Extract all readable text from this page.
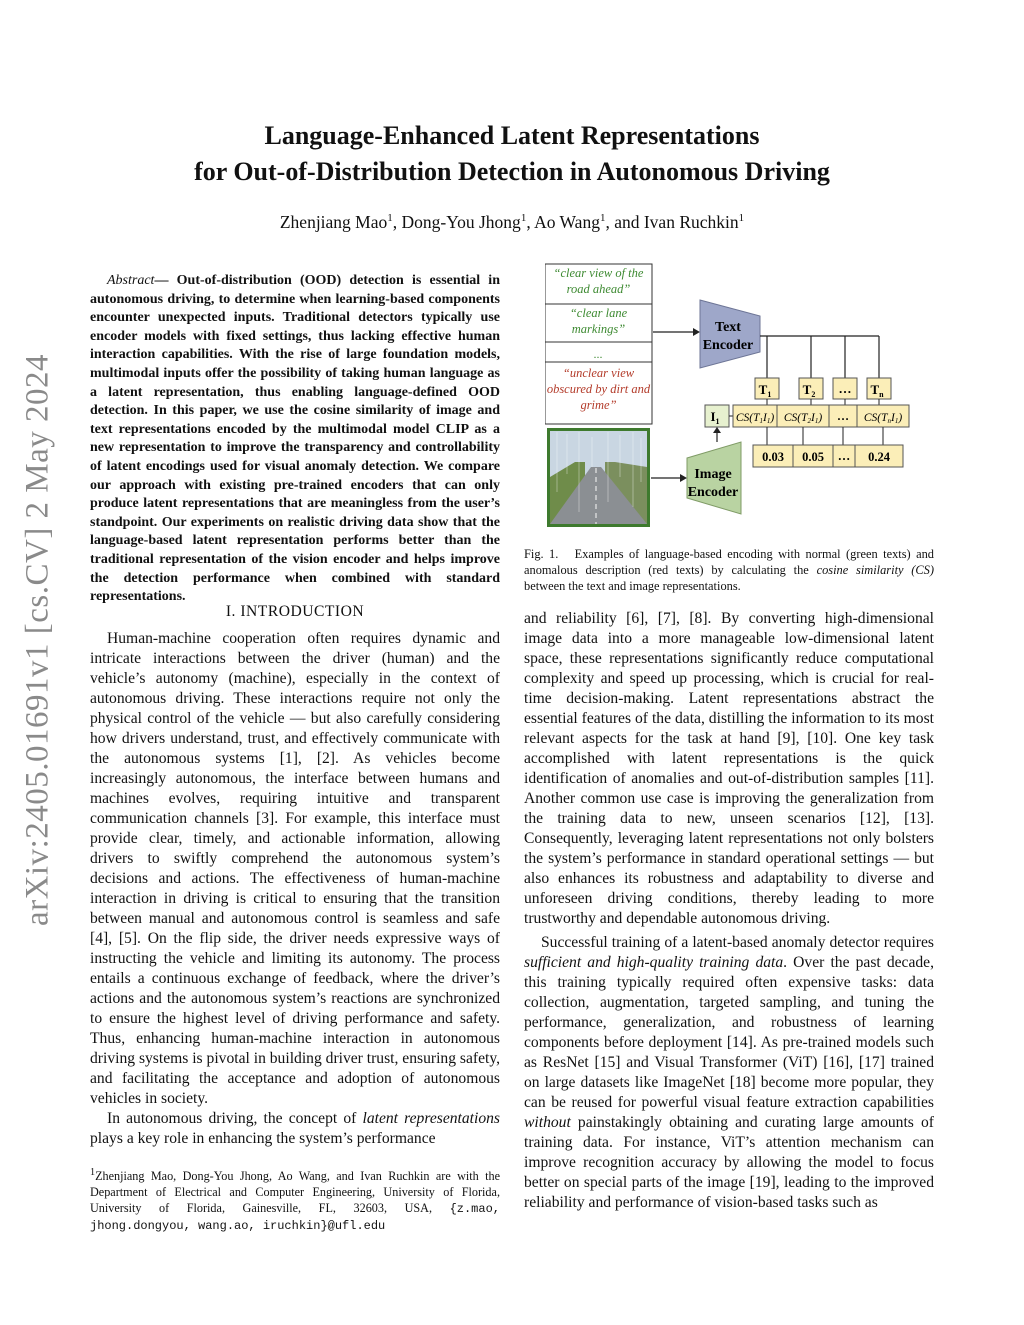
arXiv:2405.01691v1 [cs.CV] 2 May 2024
Language-Enhanced Latent Representations
for Out-of-Distribution Detection in Autonomous Driving
Zhenjiang Mao$^1$, Dong-You Jhong$^1$, Ao Wang$^1$, and Ivan Ruchkin$^1$
Abstract— Out-of-distribution (OOD) detection is essential in autonomous driving, to determine when learning-based components encounter unexpected inputs. Traditional detectors typically use encoder models with fixed settings, thus lacking effective human interaction capabilities. With the rise of large foundation models, multimodal inputs offer the possibility of taking human language as a latent representation, thus enabling language-defined OOD detection. In this paper, we use the cosine similarity of image and text representations encoded by the multimodal model CLIP as a new representation to improve the transparency and controllability of latent encodings used for visual anomaly detection. We compare our approach with existing pre-trained encoders that can only produce latent representations that are meaningless from the user’s standpoint. Our experiments on realistic driving data show that the language-based latent representation performs better than the traditional representation of the vision encoder and helps improve the detection performance when combined with standard representations.
I. INTRODUCTION

Human-machine cooperation often requires dynamic and intricate interactions between the driver (human) and the vehicle’s autonomy (machine), especially in the context of autonomous driving. These interactions require not only the physical control of the vehicle — but also carefully considering how drivers understand, trust, and effectively communicate with the autonomous systems [1], [2]. As vehicles become increasingly autonomous, the interface between humans and machines evolves, requiring intuitive and transparent communication channels [3]. For example, this interface must provide clear, timely, and actionable information, allowing drivers to swiftly comprehend the autonomous system’s decisions and actions. The effectiveness of human-machine interaction in driving is critical to ensuring that the transition between manual and autonomous control is seamless and safe [4], [5]. On the flip side, the driver needs expressive ways of instructing the vehicle and limiting its autonomy. The process entails a continuous exchange of feedback, where the driver’s actions and the autonomous system’s reactions are synchronized to ensure the highest level of driving performance and safety. Thus, enhancing human-machine interaction in autonomous driving systems is pivotal in building driver trust, ensuring safety, and facilitating the acceptance and adoption of autonomous vehicles in society.

In autonomous driving, the concept of latent representations plays a key role in enhancing the system’s performance

$^1$Zhenjiang Mao, Dong-You Jhong, Ao Wang, and Ivan Ruchkin are with the Department of Electrical and Computer Engineering, University of Florida, University of Florida, Gainesville, FL, 32603, USA, {z.mao, jhong.dongyou, wang.ao, iruchkin}@ufl.edu
“clear view of the road ahead”
“clear lane markings”
...
“unclear view obscured by dirt and grime”
Text
Encoder
$T_1$ $T_2$ … $T_n$
$I_1$ CS(T1I1) CS(T2I1) … CS(TnI1)
0.03 0.05 … 0.24
Image
Encoder
Fig. 1. Examples of language-based encoding with normal (green texts) and anomalous description (red texts) by calculating the cosine similarity (CS) between the text and image representations.

and reliability [6], [7], [8]. By converting high-dimensional image data into a more manageable low-dimensional latent space, these representations significantly reduce computational complexity and speed up processing, which is crucial for real-time decision-making. Latent representations abstract the essential features of the data, distilling the information to its most relevant aspects for the task at hand [9], [10]. One key task accomplished with latent representations is the quick identification of anomalies and out-of-distribution samples [11]. Another common use case is improving the generalization from the training data to new, unseen scenarios [12], [13]. Consequently, leveraging latent representations not only bolsters the system’s performance in standard operational settings — but also enhances its robustness and adaptability to diverse and unforeseen driving conditions, thereby leading to more trustworthy and dependable autonomous driving.

Successful training of a latent-based anomaly detector requires sufficient and high-quality training data. Over the past decade, this training typically required often expensive tasks: data collection, augmentation, targeted sampling, and tuning the performance, generalization, and robustness of learning components before deployment [14]. As pre-trained models such as ResNet [15] and Visual Transformer (ViT) [16], [17] trained on large datasets like ImageNet [18] become more popular, they can be reused for powerful visual feature extraction capabilities without painstakingly obtaining and curating large amounts of training data. For instance, ViT’s attention mechanism can improve recognition accuracy by allowing the model to focus better on special parts of the image [19], leading to the improved reliability and performance of vision-based tasks such as
